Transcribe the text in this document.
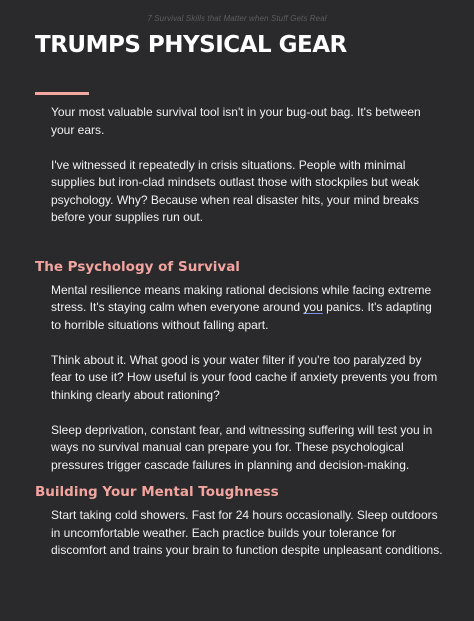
7 Survival Skills that Matter when Stuff Gets Real
TRUMPS PHYSICAL GEAR

Your most valuable survival tool isn't in your bug-out bag. It's between your ears.

I've witnessed it repeatedly in crisis situations. People with minimal supplies but iron-clad mindsets outlast those with stockpiles but weak psychology. Why? Because when real disaster hits, your mind breaks before your supplies run out.

The Psychology of Survival

Mental resilience means making rational decisions while facing extreme stress. It's staying calm when everyone around you panics. It's adapting to horrible situations without falling apart.

Think about it. What good is your water filter if you're too paralyzed by fear to use it? How useful is your food cache if anxiety prevents you from thinking clearly about rationing?

Sleep deprivation, constant fear, and witnessing suffering will test you in ways no survival manual can prepare you for. These psychological pressures trigger cascade failures in planning and decision-making.

Building Your Mental Toughness

Start taking cold showers. Fast for 24 hours occasionally. Sleep outdoors in uncomfortable weather. Each practice builds your tolerance for discomfort and trains your brain to function despite unpleasant conditions.
